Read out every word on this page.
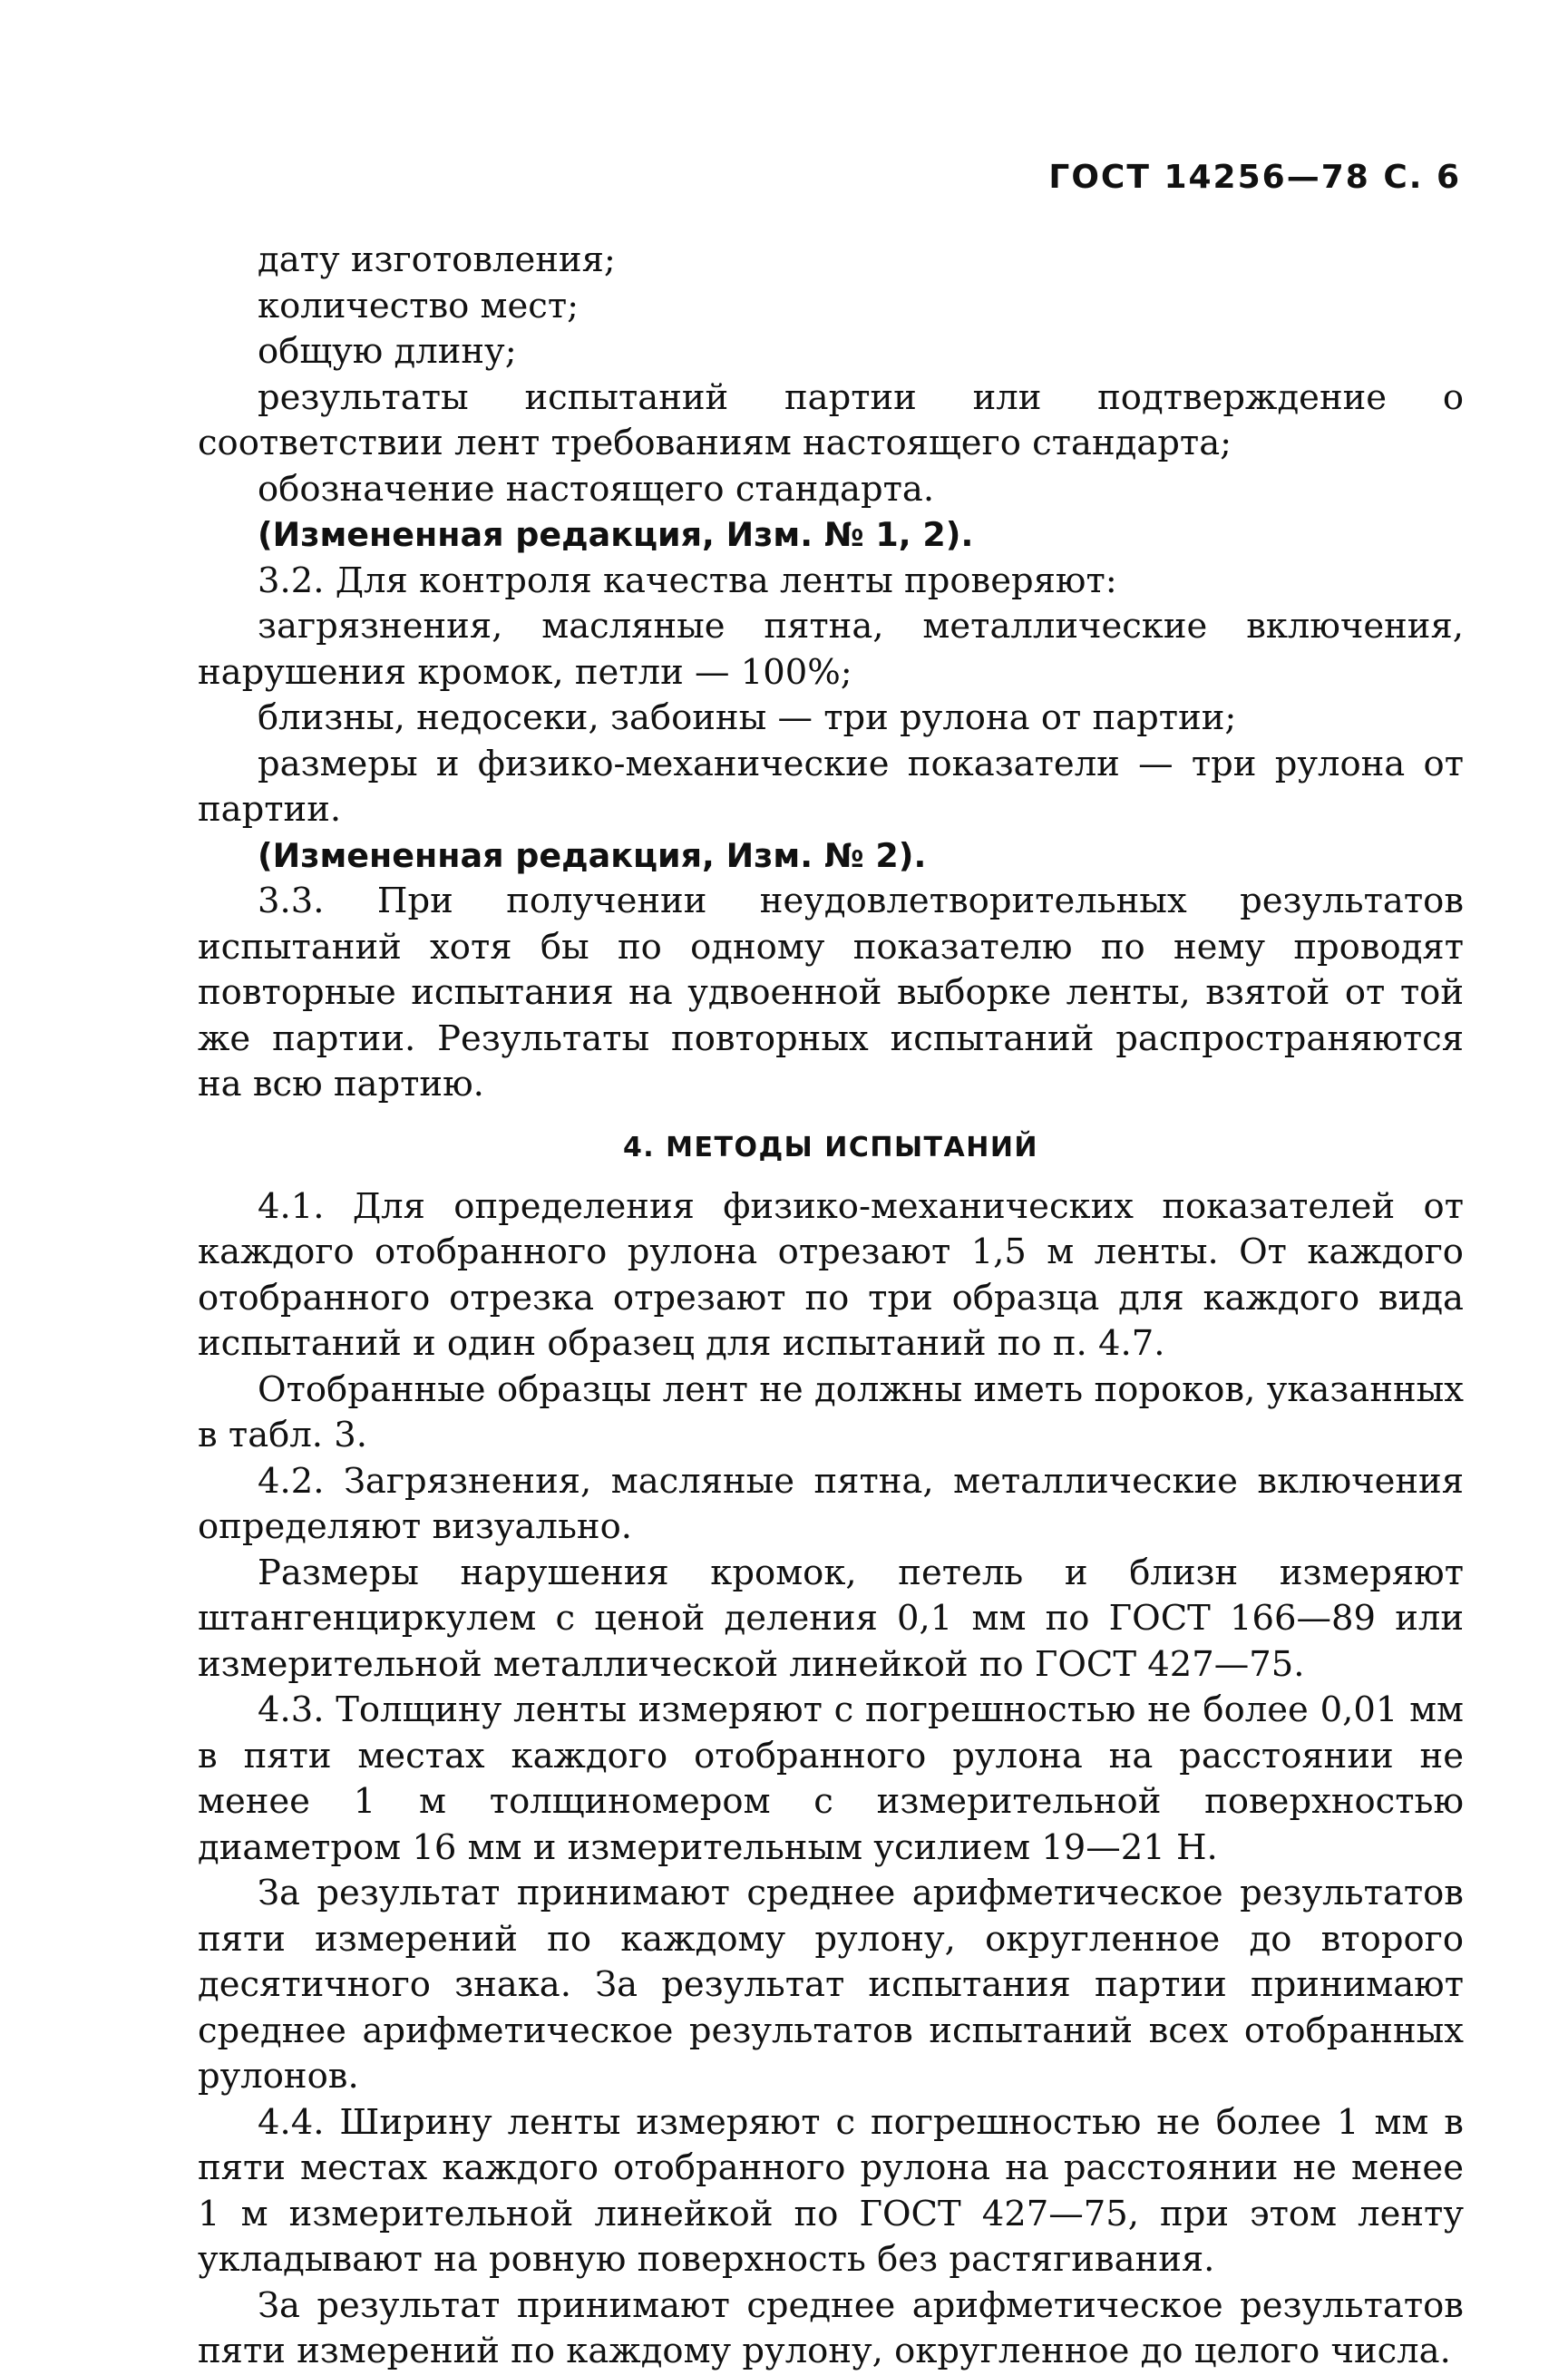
ГОСТ 14256—78 С. 6

дату изготовления;

количество мест;

общую длину;

результаты испытаний партии или подтверждение о соответствии лент требованиям настоящего стандарта;

обозначение настоящего стандарта.

(Измененная редакция, Изм. № 1, 2).

3.2. Для контроля качества ленты проверяют:

загрязнения, масляные пятна, металлические включения, нарушения кромок, петли — 100%;

близны, недосеки, забоины — три рулона от партии;

размеры и физико-механические показатели — три рулона от партии.

(Измененная редакция, Изм. № 2).

3.3. При получении неудовлетворительных результатов испытаний хотя бы по одному показателю по нему проводят повторные испытания на удвоенной выборке ленты, взятой от той же партии. Результаты повторных испытаний распространяются на всю партию.

4. МЕТОДЫ ИСПЫТАНИЙ

4.1. Для определения физико-механических показателей от каждого отобранного рулона отрезают 1,5 м ленты. От каждого отобранного отрезка отрезают по три образца для каждого вида испытаний и один образец для испытаний по п. 4.7.

Отобранные образцы лент не должны иметь пороков, указанных в табл. 3.

4.2. Загрязнения, масляные пятна, металлические включения определяют визуально.

Размеры нарушения кромок, петель и близн измеряют штангенциркулем с ценой деления 0,1 мм по ГОСТ 166—89 или измерительной металлической линейкой по ГОСТ 427—75.

4.3. Толщину ленты измеряют с погрешностью не более 0,01 мм в пяти местах каждого отобранного рулона на расстоянии не менее 1 м толщиномером с измерительной поверхностью диаметром 16 мм и измерительным усилием 19—21 Н.

За результат принимают среднее арифметическое результатов пяти измерений по каждому рулону, округленное до второго десятичного знака. За результат испытания партии принимают среднее арифметическое результатов испытаний всех отобранных рулонов.

4.4. Ширину ленты измеряют с погрешностью не более 1 мм в пяти местах каждого отобранного рулона на расстоянии не менее 1 м измерительной линейкой по ГОСТ 427—75, при этом ленту укладывают на ровную поверхность без растягивания.

За результат принимают среднее арифметическое результатов пяти измерений по каждому рулону, округленное до целого числа.
